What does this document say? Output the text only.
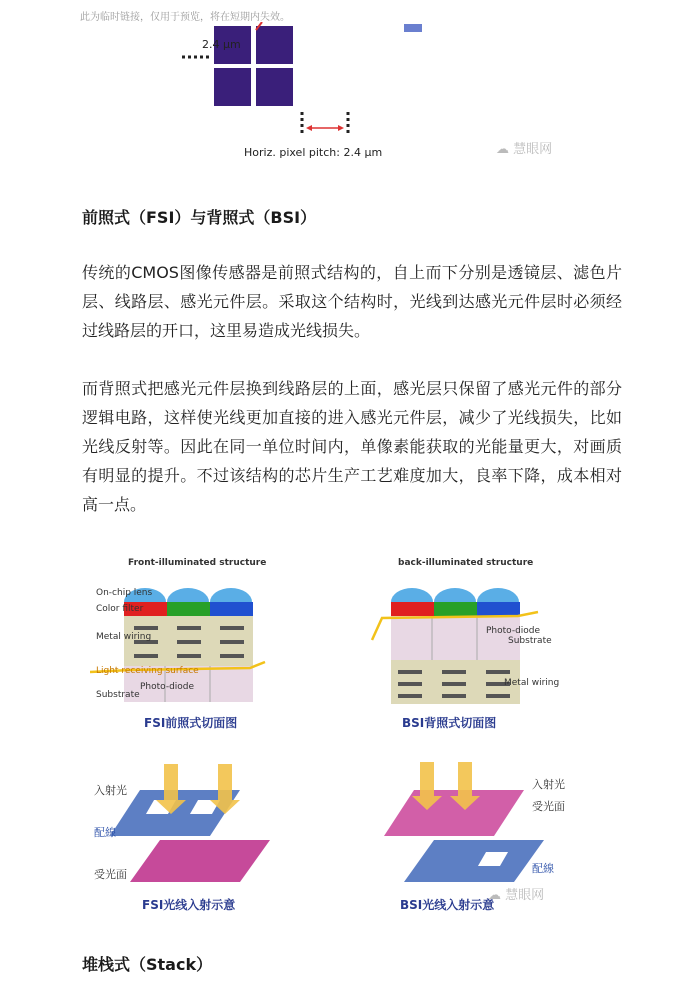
此为临时链接，仅用于预览，将在短期内失效。
2.4 μm
Horiz. pixel pitch: 2.4 μm	☁ 慧眼网
前照式（FSI）与背照式（BSI）

传统的CMOS图像传感器是前照式结构的，自上而下分别是透镜层、滤色片层、线路层、感光元件层。采取这个结构时，光线到达感光元件层时必须经过线路层的开口，这里易造成光线损失。

而背照式把感光元件层换到线路层的上面，感光层只保留了感光元件的部分逻辑电路，这样使光线更加直接的进入感光元件层，减少了光线损失，比如光线反射等。因此在同一单位时间内，单像素能获取的光能量更大，对画质有明显的提升。不过该结构的芯片生产工艺难度加大，良率下降，成本相对高一点。

Front-illuminated structure
On-chip lens
Color filter
Metal wiring
Light receiving surface
Photo-diode
Substrate
FSI前照式切面图
back-illuminated structure
Photo-diode
Substrate
Metal wiring
BSI背照式切面图
入射光
配線
受光面
FSI光线入射示意
入射光
受光面
配線
BSI光线入射示意
☁ 慧眼网
堆栈式（Stack）
